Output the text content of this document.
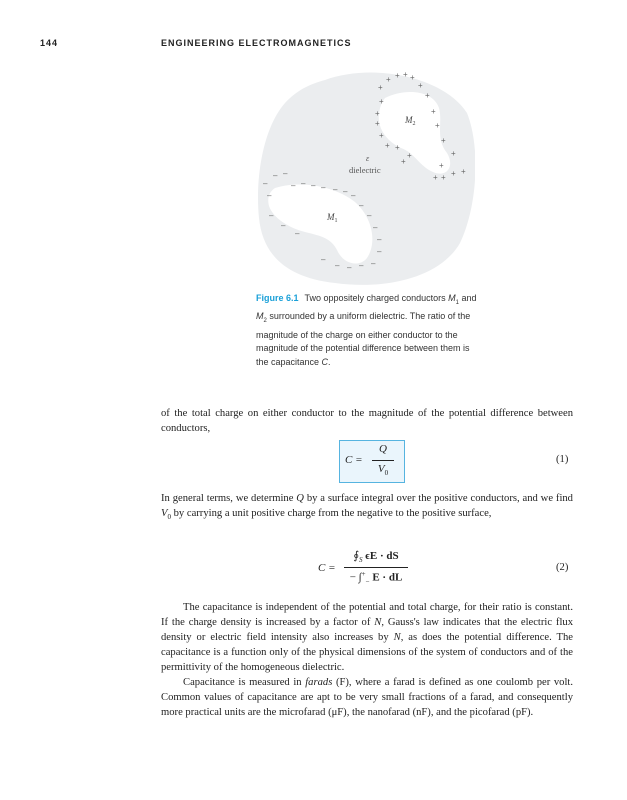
144	ENGINEERING ELECTROMAGNETICS
$M_2$
$M_1$
ε
dielectric
+
+ + + +
+
+
+
+
+
+
+
+ + + +
+
+
+
+
+
+
+
+
–
– –
–
– – – – – – –
–
–
–
–
–
–
–
–
–
–
–
–
–
Figure 6.1 Two oppositely charged conductors $M_1$ and $M_2$ surrounded by a uniform dielectric. The ratio of the magnitude of the charge on either conductor to the magnitude of the potential difference between them is the capacitance C.
of the total charge on either conductor to the magnitude of the potential difference between conductors,
C =
Q
$V_0$
(1)
In general terms, we determine Q by a surface integral over the positive conductors, and we find $V_0$ by carrying a unit positive charge from the negative to the positive surface,
C =
$∮_S$ ϵE · dS
− $\int^+_-$ E · dL
(2)
The capacitance is independent of the potential and total charge, for their ratio is constant. If the charge density is increased by a factor of N, Gauss's law indicates that the electric flux density or electric field intensity also increases by N, as does the potential difference. The capacitance is a function only of the physical dimensions of the system of conductors and of the permittivity of the homogeneous dielectric.
Capacitance is measured in farads (F), where a farad is defined as one coulomb per volt. Common values of capacitance are apt to be very small fractions of a farad, and consequently more practical units are the microfarad (μF), the nanofarad (nF), and the picofarad (pF).
